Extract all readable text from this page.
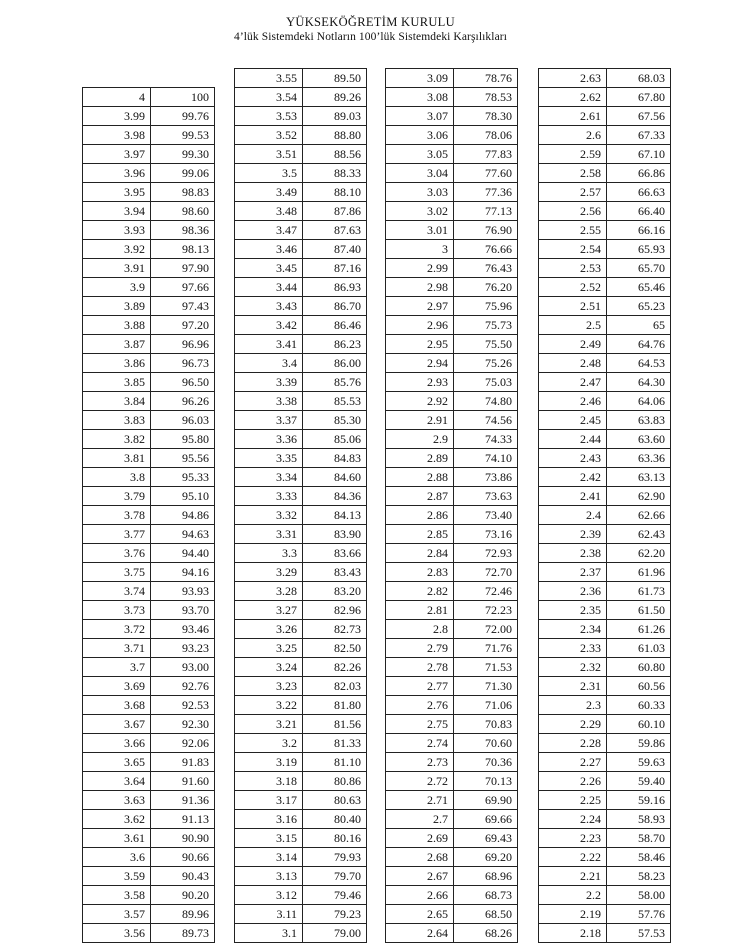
YÜKSEKÖĞRETİM KURULU
4’lük Sistemdeki Notların 100’lük Sistemdeki Karşılıkları
4	100
3.99	99.76
3.98	99.53
3.97	99.30
3.96	99.06
3.95	98.83
3.94	98.60
3.93	98.36
3.92	98.13
3.91	97.90
3.9	97.66
3.89	97.43
3.88	97.20
3.87	96.96
3.86	96.73
3.85	96.50
3.84	96.26
3.83	96.03
3.82	95.80
3.81	95.56
3.8	95.33
3.79	95.10
3.78	94.86
3.77	94.63
3.76	94.40
3.75	94.16
3.74	93.93
3.73	93.70
3.72	93.46
3.71	93.23
3.7	93.00
3.69	92.76
3.68	92.53
3.67	92.30
3.66	92.06
3.65	91.83
3.64	91.60
3.63	91.36
3.62	91.13
3.61	90.90
3.6	90.66
3.59	90.43
3.58	90.20
3.57	89.96
3.56	89.73
3.55	89.50
3.54	89.26
3.53	89.03
3.52	88.80
3.51	88.56
3.5	88.33
3.49	88.10
3.48	87.86
3.47	87.63
3.46	87.40
3.45	87.16
3.44	86.93
3.43	86.70
3.42	86.46
3.41	86.23
3.4	86.00
3.39	85.76
3.38	85.53
3.37	85.30
3.36	85.06
3.35	84.83
3.34	84.60
3.33	84.36
3.32	84.13
3.31	83.90
3.3	83.66
3.29	83.43
3.28	83.20
3.27	82.96
3.26	82.73
3.25	82.50
3.24	82.26
3.23	82.03
3.22	81.80
3.21	81.56
3.2	81.33
3.19	81.10
3.18	80.86
3.17	80.63
3.16	80.40
3.15	80.16
3.14	79.93
3.13	79.70
3.12	79.46
3.11	79.23
3.1	79.00
3.09	78.76
3.08	78.53
3.07	78.30
3.06	78.06
3.05	77.83
3.04	77.60
3.03	77.36
3.02	77.13
3.01	76.90
3	76.66
2.99	76.43
2.98	76.20
2.97	75.96
2.96	75.73
2.95	75.50
2.94	75.26
2.93	75.03
2.92	74.80
2.91	74.56
2.9	74.33
2.89	74.10
2.88	73.86
2.87	73.63
2.86	73.40
2.85	73.16
2.84	72.93
2.83	72.70
2.82	72.46
2.81	72.23
2.8	72.00
2.79	71.76
2.78	71.53
2.77	71.30
2.76	71.06
2.75	70.83
2.74	70.60
2.73	70.36
2.72	70.13
2.71	69.90
2.7	69.66
2.69	69.43
2.68	69.20
2.67	68.96
2.66	68.73
2.65	68.50
2.64	68.26
2.63	68.03
2.62	67.80
2.61	67.56
2.6	67.33
2.59	67.10
2.58	66.86
2.57	66.63
2.56	66.40
2.55	66.16
2.54	65.93
2.53	65.70
2.52	65.46
2.51	65.23
2.5	65
2.49	64.76
2.48	64.53
2.47	64.30
2.46	64.06
2.45	63.83
2.44	63.60
2.43	63.36
2.42	63.13
2.41	62.90
2.4	62.66
2.39	62.43
2.38	62.20
2.37	61.96
2.36	61.73
2.35	61.50
2.34	61.26
2.33	61.03
2.32	60.80
2.31	60.56
2.3	60.33
2.29	60.10
2.28	59.86
2.27	59.63
2.26	59.40
2.25	59.16
2.24	58.93
2.23	58.70
2.22	58.46
2.21	58.23
2.2	58.00
2.19	57.76
2.18	57.53
